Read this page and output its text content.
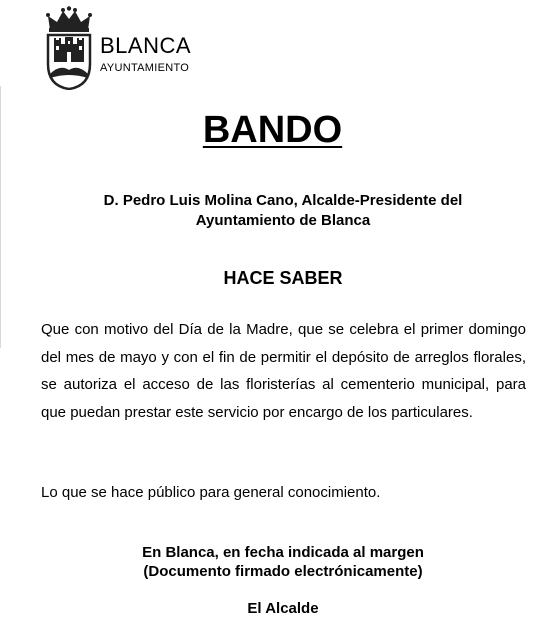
BLANCA
AYUNTAMIENTO
BANDO
D. Pedro Luis Molina Cano, Alcalde-Presidente del
Ayuntamiento de Blanca
HACE SABER
Que con motivo del Día de la Madre, que se celebra el primer domingo del mes de mayo y con el fin de permitir el depósito de arreglos florales, se autoriza el acceso de las floristerías al cementerio municipal, para que puedan prestar este servicio por encargo de los particulares.
Lo que se hace público para general conocimiento.
En Blanca, en fecha indicada al margen
(Documento firmado electrónicamente)
El Alcalde
